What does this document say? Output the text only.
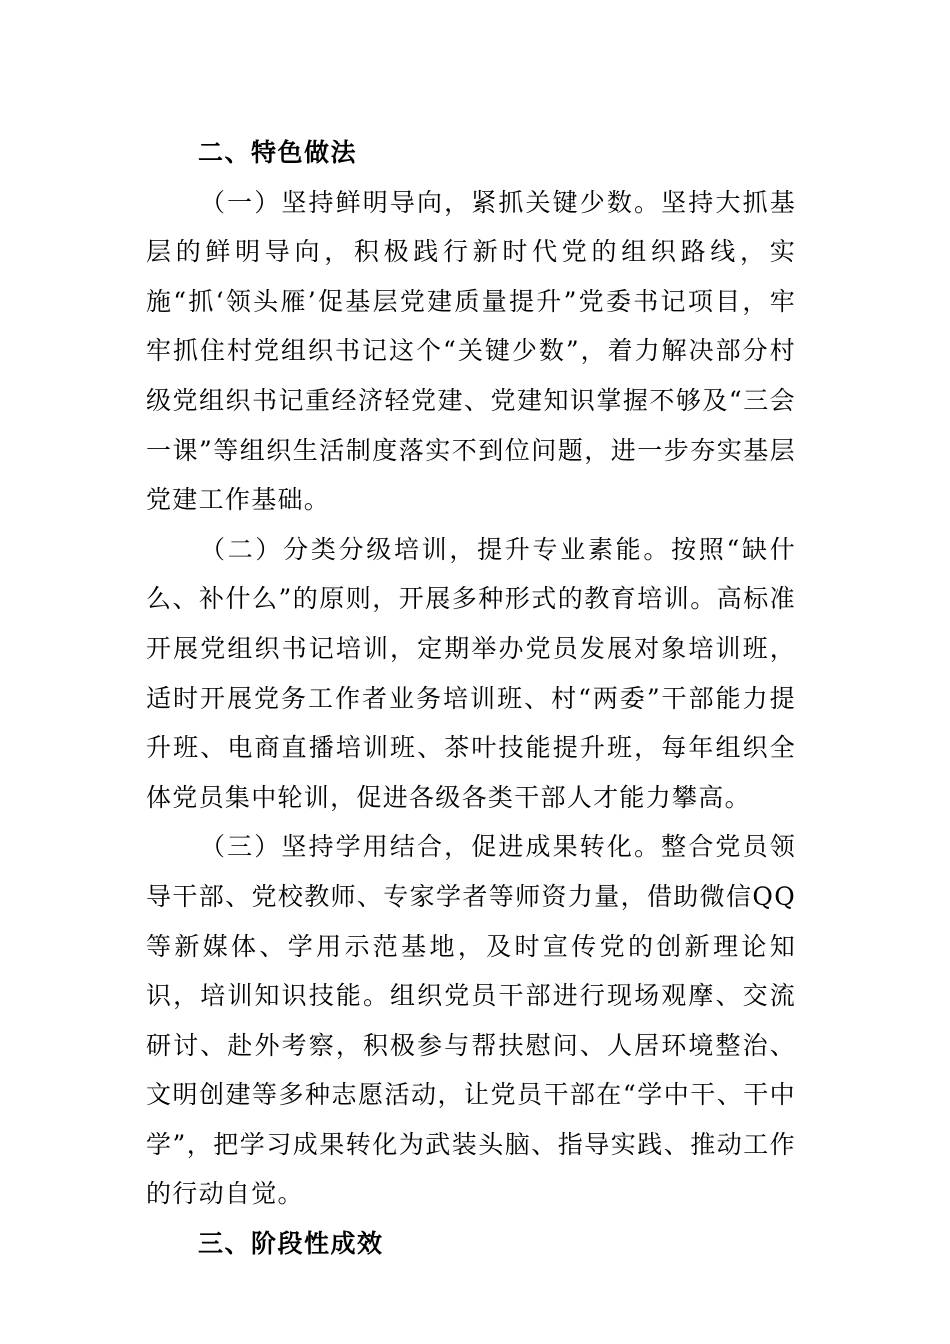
二、特色做法

（一）坚持鲜明导向，紧抓关键少数。坚持大抓基层的鲜明导向，积极践行新时代党的组织路线，实施“抓‘领头雁’促基层党建质量提升”党委书记项目，牢牢抓住村党组织书记这个“关键少数”，着力解决部分村级党组织书记重经济轻党建、党建知识掌握不够及“三会一课”等组织生活制度落实不到位问题，进一步夯实基层党建工作基础。

（二）分类分级培训，提升专业素能。按照“缺什么、补什么”的原则，开展多种形式的教育培训。高标准开展党组织书记培训，定期举办党员发展对象培训班，适时开展党务工作者业务培训班、村“两委”干部能力提升班、电商直播培训班、茶叶技能提升班，每年组织全体党员集中轮训，促进各级各类干部人才能力攀高。

（三）坚持学用结合，促进成果转化。整合党员领导干部、党校教师、专家学者等师资力量，借助微信QQ等新媒体、学用示范基地，及时宣传党的创新理论知识，培训知识技能。组织党员干部进行现场观摩、交流研讨、赴外考察，积极参与帮扶慰问、人居环境整治、文明创建等多种志愿活动，让党员干部在“学中干、干中学”，把学习成果转化为武装头脑、指导实践、推动工作的行动自觉。

三、阶段性成效
